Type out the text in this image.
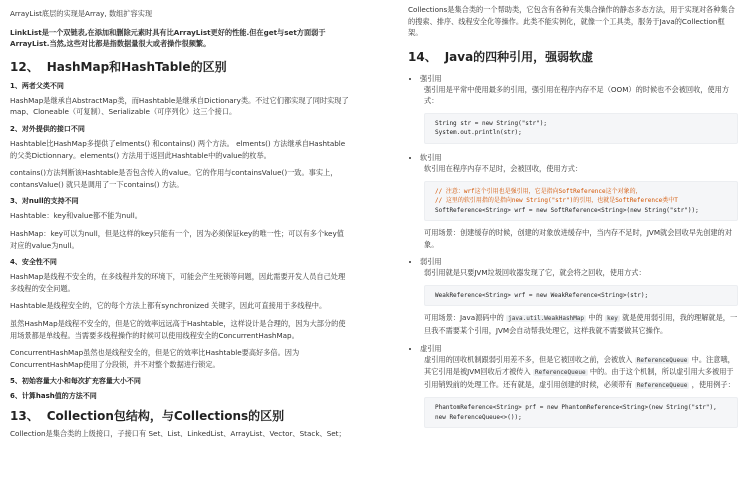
ArrayList底层的实现是Array, 数组扩容实现

LinkList是一个双链表,在添加和删除元素时具有比ArrayList更好的性能.但在get与set方面弱于ArrayList.当然,这些对比都是指数据量很大或者操作很频繁。

12、 HashMap和HashTable的区别
1、两者父类不同

HashMap是继承自AbstractMap类，而Hashtable是继承自Dictionary类。不过它们都实现了同时实现了map、Cloneable（可复制）、Serializable（可序列化）这三个接口。

2、对外提供的接口不同

Hashtable比HashMap多提供了elments() 和contains() 两个方法。 elments() 方法继承自Hashtable的父类Dictionnary。elements() 方法用于返回此Hashtable中的value的枚举。

contains()方法判断该Hashtable是否包含传入的value。它的作用与containsValue()一致。事实上，contansValue() 就只是调用了一下contains() 方法。

3、对null的支持不同

Hashtable：key和value都不能为null。

HashMap：key可以为null，但是这样的key只能有一个，因为必须保证key的唯一性；可以有多个key值对应的value为null。

4、安全性不同

HashMap是线程不安全的，在多线程并发的环境下，可能会产生死锁等问题，因此需要开发人员自己处理多线程的安全问题。

Hashtable是线程安全的，它的每个方法上都有synchronized 关键字，因此可直接用于多线程中。

虽然HashMap是线程不安全的，但是它的效率远远高于Hashtable，这样设计是合理的，因为大部分的使用场景都是单线程。当需要多线程操作的时候可以使用线程安全的ConcurrentHashMap。

ConcurrentHashMap虽然也是线程安全的，但是它的效率比Hashtable要高好多倍。因为ConcurrentHashMap使用了分段锁，并不对整个数据进行锁定。

5、初始容量大小和每次扩充容量大小不同
6、计算hash值的方法不同
13、 Collection包结构，与Collections的区别

Collection是集合类的上级接口，子接口有 Set、List、LinkedList、ArrayList、Vector、Stack、Set；

Collections是集合类的一个帮助类，它包含有各种有关集合操作的静态多态方法，用于实现对各种集合的搜索、排序、线程安全化等操作。此类不能实例化，就像一个工具类，服务于Java的Collection框架。

14、 Java的四种引用，强弱软虚
• 强引用

强引用是平常中使用最多的引用，强引用在程序内存不足（OOM）的时候也不会被回收，使用方式：

String str = new String("str");
System.out.println(str);
• 软引用

软引用在程序内存不足时，会被回收，使用方式：

// 注意：wrf这个引用也是强引用，它是指向SoftReference这个对象的，
// 这里的软引用指的是指向new String("str")的引用，也就是SoftReference类中T
SoftReference<String> wrf = new SoftReference<String>(new String("str"));

可用场景：创建缓存的时候，创建的对象放进缓存中，当内存不足时，JVM就会回收早先创建的对象。

• 弱引用

弱引用就是只要JVM垃圾回收器发现了它，就会将之回收，使用方式：

WeakReference<String> wrf = new WeakReference<String>(str);

可用场景：Java源码中的 java.util.WeakHashMap 中的 key 就是使用弱引用，我的理解就是，一旦我不需要某个引用，JVM会自动帮我处理它，这样我就不需要做其它操作。

• 虚引用

虚引用的回收机制跟弱引用差不多，但是它被回收之前，会被放入 ReferenceQueue 中。注意哦，其它引用是被JVM回收后才被传入 ReferenceQueue 中的。由于这个机制，所以虚引用大多被用于引用销毁前的处理工作。还有就是，虚引用创建的时候，必须带有 ReferenceQueue ，使用例子：

PhantomReference<String> prf = new PhantomReference<String>(new String("str"),
new ReferenceQueue<>());
